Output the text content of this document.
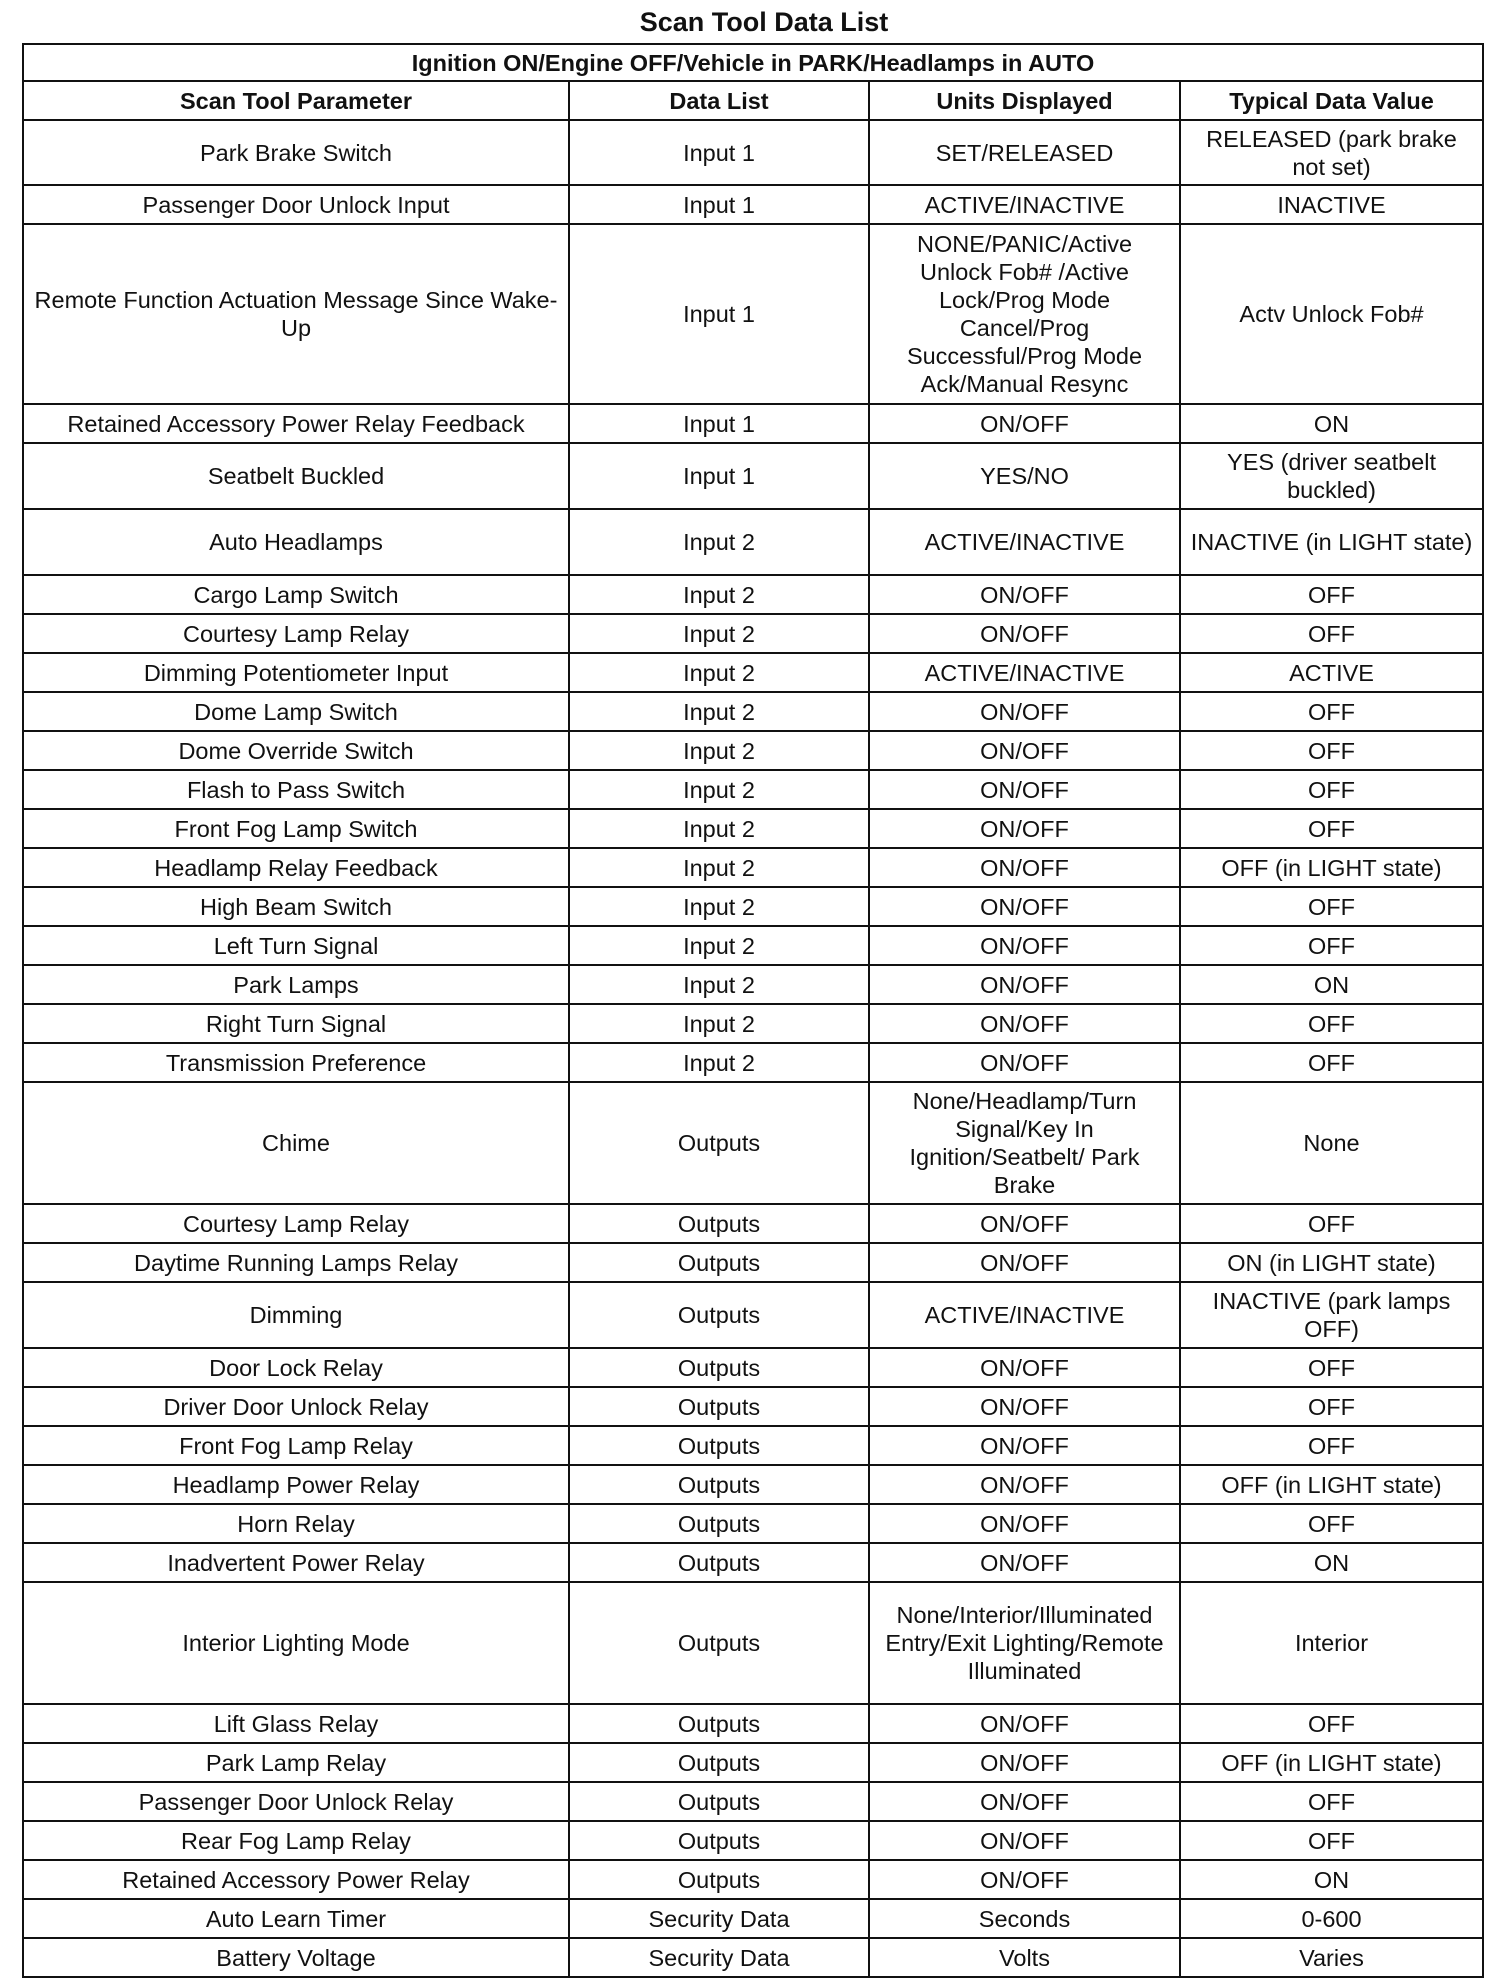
Scan Tool Data List
Ignition ON/Engine OFF/Vehicle in PARK/Headlamps in AUTO			
Scan Tool Parameter	Data List	Units Displayed	Typical Data Value
Park Brake Switch	Input 1	SET/RELEASED	RELEASED (park brake not set)
Passenger Door Unlock Input	Input 1	ACTIVE/INACTIVE	INACTIVE
Remote Function Actuation Message Since Wake-Up	Input 1	NONE/PANIC/Active Unlock Fob# /Active Lock/Prog Mode Cancel/Prog Successful/Prog Mode Ack/Manual Resync	Actv Unlock Fob#
Retained Accessory Power Relay Feedback	Input 1	ON/OFF	ON
Seatbelt Buckled	Input 1	YES/NO	YES (driver seatbelt buckled)
Auto Headlamps	Input 2	ACTIVE/INACTIVE	INACTIVE (in LIGHT state)
Cargo Lamp Switch	Input 2	ON/OFF	OFF
Courtesy Lamp Relay	Input 2	ON/OFF	OFF
Dimming Potentiometer Input	Input 2	ACTIVE/INACTIVE	ACTIVE
Dome Lamp Switch	Input 2	ON/OFF	OFF
Dome Override Switch	Input 2	ON/OFF	OFF
Flash to Pass Switch	Input 2	ON/OFF	OFF
Front Fog Lamp Switch	Input 2	ON/OFF	OFF
Headlamp Relay Feedback	Input 2	ON/OFF	OFF (in LIGHT state)
High Beam Switch	Input 2	ON/OFF	OFF
Left Turn Signal	Input 2	ON/OFF	OFF
Park Lamps	Input 2	ON/OFF	ON
Right Turn Signal	Input 2	ON/OFF	OFF
Transmission Preference	Input 2	ON/OFF	OFF
Chime	Outputs	None/Headlamp/Turn Signal/Key In Ignition/Seatbelt/ Park Brake	None
Courtesy Lamp Relay	Outputs	ON/OFF	OFF
Daytime Running Lamps Relay	Outputs	ON/OFF	ON (in LIGHT state)
Dimming	Outputs	ACTIVE/INACTIVE	INACTIVE (park lamps OFF)
Door Lock Relay	Outputs	ON/OFF	OFF
Driver Door Unlock Relay	Outputs	ON/OFF	OFF
Front Fog Lamp Relay	Outputs	ON/OFF	OFF
Headlamp Power Relay	Outputs	ON/OFF	OFF (in LIGHT state)
Horn Relay	Outputs	ON/OFF	OFF
Inadvertent Power Relay	Outputs	ON/OFF	ON
Interior Lighting Mode	Outputs	None/Interior/Illuminated Entry/Exit Lighting/Remote Illuminated	Interior
Lift Glass Relay	Outputs	ON/OFF	OFF
Park Lamp Relay	Outputs	ON/OFF	OFF (in LIGHT state)
Passenger Door Unlock Relay	Outputs	ON/OFF	OFF
Rear Fog Lamp Relay	Outputs	ON/OFF	OFF
Retained Accessory Power Relay	Outputs	ON/OFF	ON
Auto Learn Timer	Security Data	Seconds	0-600
Battery Voltage	Security Data	Volts	Varies
